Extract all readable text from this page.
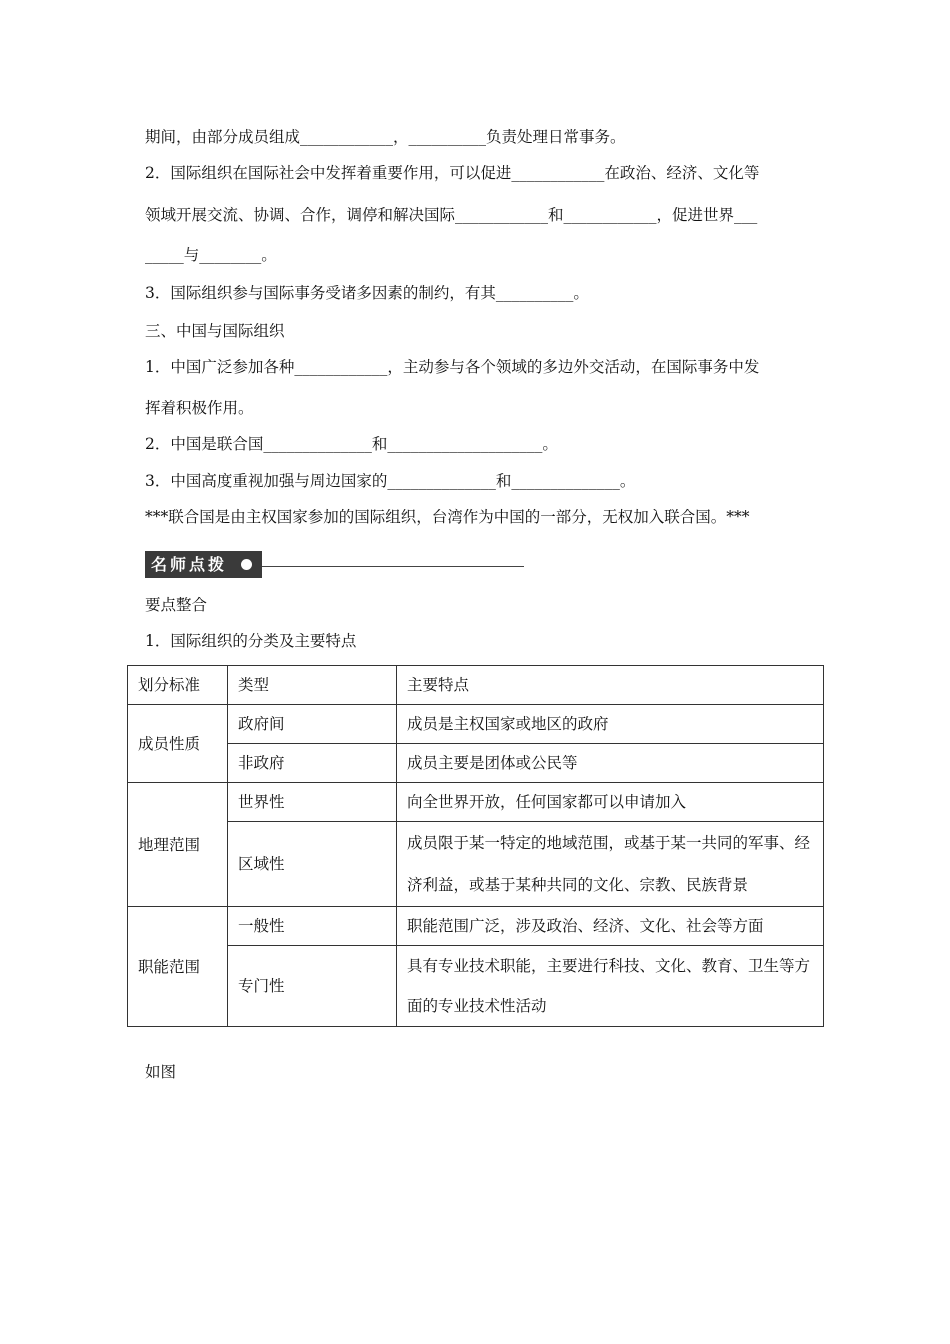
期间，由部分成员组成____________，__________负责处理日常事务。
2．国际组织在国际社会中发挥着重要作用，可以促进____________在政治、经济、文化等
领域开展交流、协调、合作，调停和解决国际____________和____________，促进世界___
_____与________。
3．国际组织参与国际事务受诸多因素的制约，有其__________。
三、中国与国际组织
1．中国广泛参加各种____________，主动参与各个领域的多边外交活动，在国际事务中发
挥着积极作用。
2．中国是联合国______________和____________________。
3．中国高度重视加强与周边国家的______________和______________。
***联合国是由主权国家参加的国际组织，台湾作为中国的一部分，无权加入联合国。***
名师点拨
要点整合
1．国际组织的分类及主要特点
划分标准	类型	主要特点
成员性质	政府间	成员是主权国家或地区的政府
	非政府	成员主要是团体或公民等
地理范围	世界性	向全世界开放，任何国家都可以申请加入
	区域性	成员限于某一特定的地域范围，或基于某一共同的军事、经济利益，或基于某种共同的文化、宗教、民族背景
职能范围	一般性	职能范围广泛，涉及政治、经济、文化、社会等方面
	专门性	具有专业技术职能，主要进行科技、文化、教育、卫生等方面的专业技术性活动
如图
